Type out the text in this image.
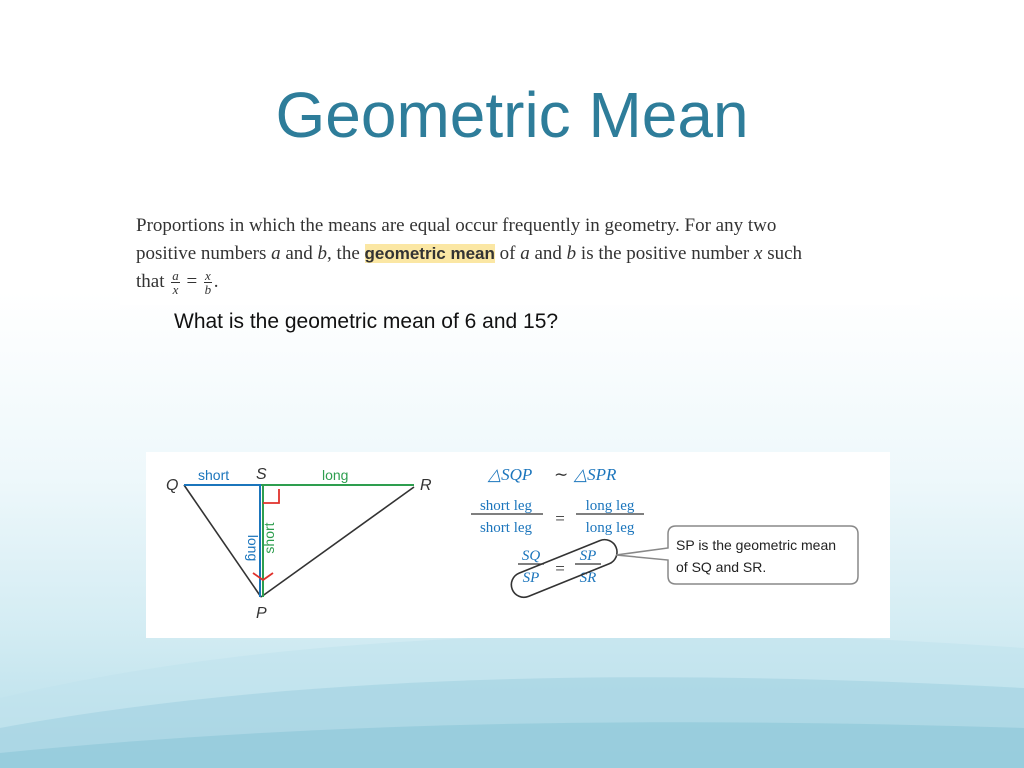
Geometric Mean
Proportions in which the means are equal occur frequently in geometry. For any two
positive numbers a and b, the geometric mean of a and b is the positive number x such
that $\frac{a}{x} = \frac{x}{b}$ .
What is the geometric mean of 6 and 15?
Q
S
R
P
short	long
long short
△SQP ∼ △SPR
short leg
short leg =
long leg
long leg
SQ
SP =
SP
SR
SP is the geometric mean
of SQ and SR.
